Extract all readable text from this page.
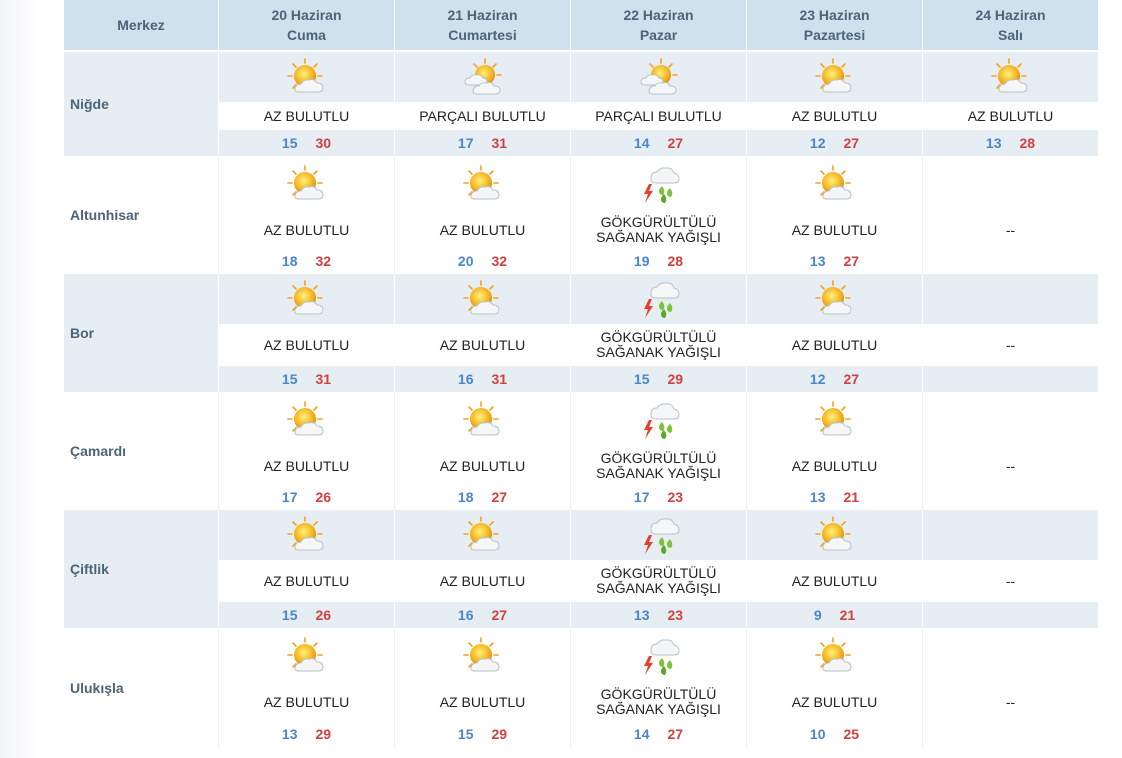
Merkez
20 Haziran
Cuma
21 Haziran
Cumartesi
22 Haziran
Pazar
23 Haziran
Pazartesi
24 Haziran
Salı
Niğde
AZ BULUTLU
15 30
PARÇALI BULUTLU
17 31
PARÇALI BULUTLU
14 27
AZ BULUTLU
12 27
AZ BULUTLU
13 28
Altunhisar
AZ BULUTLU
18 32
AZ BULUTLU
20 32
GÖKGÜRÜLTÜLÜ SAĞANAK YAĞIŞLI
19 28
AZ BULUTLU
13 27
--
Bor
AZ BULUTLU
15 31
AZ BULUTLU
16 31
GÖKGÜRÜLTÜLÜ SAĞANAK YAĞIŞLI
15 29
AZ BULUTLU
12 27
--
Çamardı
AZ BULUTLU
17 26
AZ BULUTLU
18 27
GÖKGÜRÜLTÜLÜ SAĞANAK YAĞIŞLI
17 23
AZ BULUTLU
13 21
--
Çiftlik
AZ BULUTLU
15 26
AZ BULUTLU
16 27
GÖKGÜRÜLTÜLÜ SAĞANAK YAĞIŞLI
13 23
AZ BULUTLU
9 21
--
Ulukışla
AZ BULUTLU
13 29
AZ BULUTLU
15 29
GÖKGÜRÜLTÜLÜ SAĞANAK YAĞIŞLI
14 27
AZ BULUTLU
10 25
--
